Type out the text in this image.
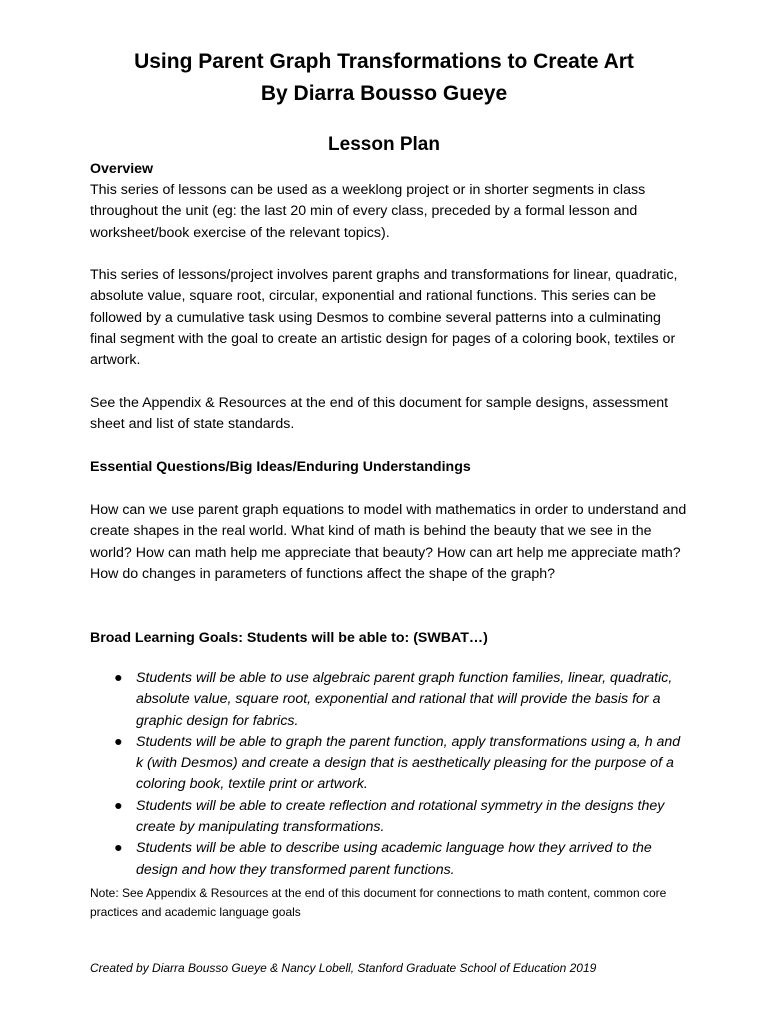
Using Parent Graph Transformations to Create Art
By Diarra Bousso Gueye
Lesson Plan
Overview
This series of lessons can be used as a weeklong project or in shorter segments in class throughout the unit (eg: the last 20 min of every class, preceded by a formal lesson and worksheet/book exercise of the relevant topics).
This series of lessons/project involves parent graphs and transformations for linear, quadratic, absolute value, square root, circular, exponential and rational functions. This series can be followed by a cumulative task using Desmos to combine several patterns into a culminating final segment with the goal to create an artistic design for pages of a coloring book, textiles or artwork.
See the Appendix & Resources at the end of this document for sample designs, assessment sheet and list of state standards.
Essential Questions/Big Ideas/Enduring Understandings
How can we use parent graph equations to model with mathematics in order to understand and create shapes in the real world. What kind of math is behind the beauty that we see in the world? How can math help me appreciate that beauty? How can art help me appreciate math? How do changes in parameters of functions affect the shape of the graph?
Broad Learning Goals: Students will be able to: (SWBAT…)
● Students will be able to use algebraic parent graph function families, linear, quadratic, absolute value, square root, exponential and rational that will provide the basis for a graphic design for fabrics.
● Students will be able to graph the parent function, apply transformations using a, h and k (with Desmos) and create a design that is aesthetically pleasing for the purpose of a coloring book, textile print or artwork.
● Students will be able to create reflection and rotational symmetry in the designs they create by manipulating transformations.
● Students will be able to describe using academic language how they arrived to the design and how they transformed parent functions.
Note: See Appendix & Resources at the end of this document for connections to math content, common core practices and academic language goals
Created by Diarra Bousso Gueye & Nancy Lobell, Stanford Graduate School of Education 2019
